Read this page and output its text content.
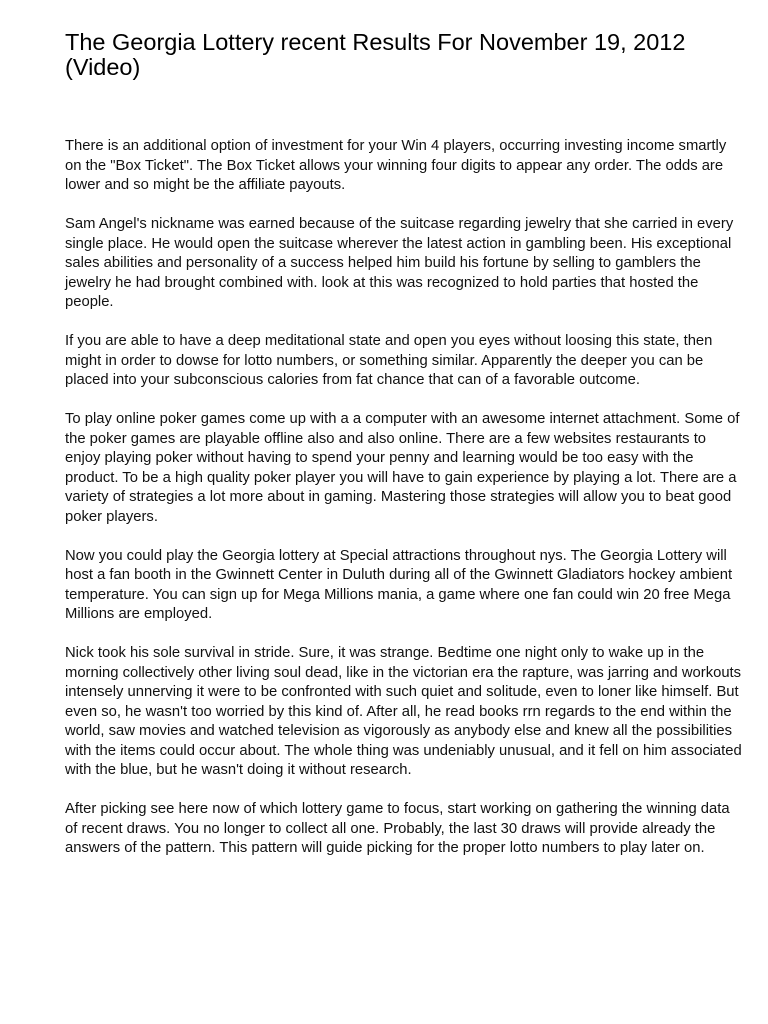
The Georgia Lottery recent Results For November 19, 2012 (Video)

There is an additional option of investment for your Win 4 players, occurring investing income smartly on the "Box Ticket". The Box Ticket allows your winning four digits to appear any order. The odds are lower and so might be the affiliate payouts.

Sam Angel's nickname was earned because of the suitcase regarding jewelry that she carried in every single place. He would open the suitcase wherever the latest action in gambling been. His exceptional sales abilities and personality of a success helped him build his fortune by selling to gamblers the jewelry he had brought combined with. look at this was recognized to hold parties that hosted the people.

If you are able to have a deep meditational state and open you eyes without loosing this state, then might in order to dowse for lotto numbers, or something similar. Apparently the deeper you can be placed into your subconscious calories from fat chance that can of a favorable outcome.

To play online poker games come up with a a computer with an awesome internet attachment. Some of the poker games are playable offline also and also online. There are a few websites restaurants to enjoy playing poker without having to spend your penny and learning would be too easy with the product. To be a high quality poker player you will have to gain experience by playing a lot. There are a variety of strategies a lot more about in gaming. Mastering those strategies will allow you to beat good poker players.

Now you could play the Georgia lottery at Special attractions throughout nys. The Georgia Lottery will host a fan booth in the Gwinnett Center in Duluth during all of the Gwinnett Gladiators hockey ambient temperature. You can sign up for Mega Millions mania, a game where one fan could win 20 free Mega Millions are employed.

Nick took his sole survival in stride. Sure, it was strange. Bedtime one night only to wake up in the morning collectively other living soul dead, like in the victorian era the rapture, was jarring and workouts intensely unnerving it were to be confronted with such quiet and solitude, even to loner like himself. But even so, he wasn't too worried by this kind of. After all, he read books rrn regards to the end within the world, saw movies and watched television as vigorously as anybody else and knew all the possibilities with the items could occur about. The whole thing was undeniably unusual, and it fell on him associated with the blue, but he wasn't doing it without research.

After picking see here now of which lottery game to focus, start working on gathering the winning data of recent draws. You no longer to collect all one. Probably, the last 30 draws will provide already the answers of the pattern. This pattern will guide picking for the proper lotto numbers to play later on.
